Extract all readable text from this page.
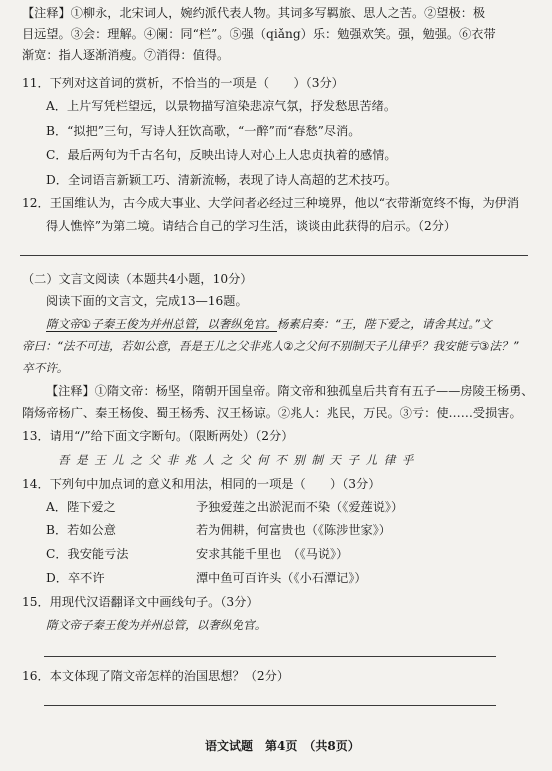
【注释】①柳永，北宋词人，婉约派代表人物。其词多写羁旅、思人之苦。②望极：极
目远望。③会：理解。④阑：同“栏”。⑤强（qiǎng）乐：勉强欢笑。强，勉强。⑥衣带
渐宽：指人逐渐消瘦。⑦消得：值得。
11．下列对这首词的赏析，不恰当的一项是（　　）（3分）
A．上片写凭栏望远，以景物描写渲染悲凉气氛，抒发愁思苦绪。
B．“拟把”三句，写诗人狂饮高歌，“一醉”而“春愁”尽消。
C．最后两句为千古名句，反映出诗人对心上人忠贞执着的感情。
D．全词语言新颖工巧、清新流畅，表现了诗人高超的艺术技巧。
12．王国维认为，古今成大事业、大学问者必经过三种境界，他以“衣带渐宽终不悔，为伊消
得人憔悴”为第二境。请结合自己的学习生活，谈谈由此获得的启示。（2分）
（二）文言文阅读（本题共4小题，10分）
阅读下面的文言文，完成13—16题。
隋文帝①子秦王俊为并州总管，以奢纵免官。杨素启奏：“王，陛下爱之，请舍其过。”文
帝曰：“法不可违，若如公意，吾是王儿之父非兆人②之父何不别制天子儿律乎？我安能亏③法？”
卒不许。
【注释】①隋文帝：杨坚，隋朝开国皇帝。隋文帝和独孤皇后共育有五子——房陵王杨勇、
隋炀帝杨广、秦王杨俊、蜀王杨秀、汉王杨谅。②兆人：兆民，万民。③亏：使……受损害。
13．请用“/”给下面文字断句。（限断两处）（2分）
吾是王儿之父非兆人之父何不别制天子儿律乎
14．下列句中加点词的意义和用法，相同的一项是（　　）（3分）
A．陛下爱之	予独爱莲之出淤泥而不染（《爱莲说》）
B．若如公意	若为佣耕，何富贵也（《陈涉世家》）
C．我安能亏法	安求其能千里也　（《马说》）
D．卒不许	潭中鱼可百许头（《小石潭记》）
15．用现代汉语翻译文中画线句子。（3分）
隋文帝子秦王俊为并州总管，以奢纵免官。
16．本文体现了隋文帝怎样的治国思想？（2分）
语文试题　第4页　（共8页）
